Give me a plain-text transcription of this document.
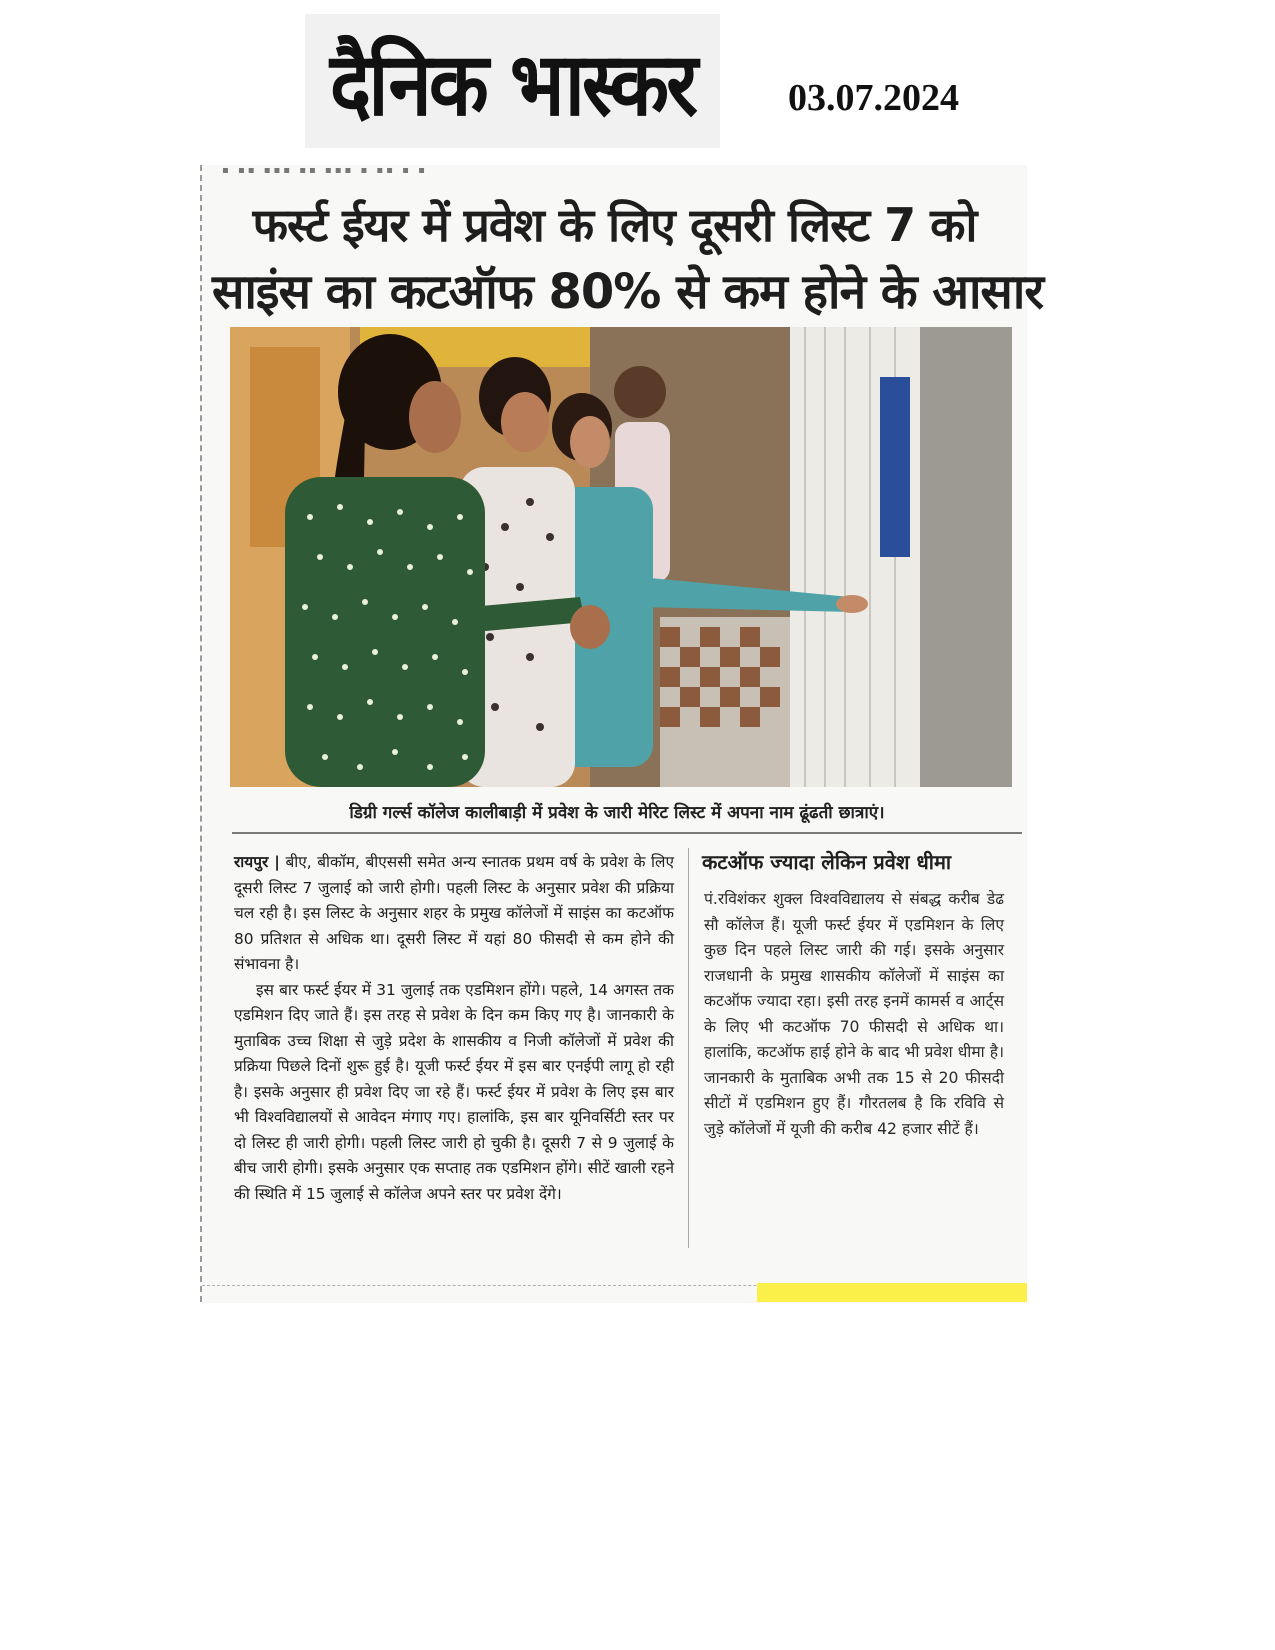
दैनिक भास्कर 03.07.2024
▪ ▪▪ ▪▪▪ ▪▪ ▪▪▪ ▪ ▪▪ ▪ ▪
फर्स्ट ईयर में प्रवेश के लिए दूसरी लिस्ट 7 को
साइंस का कटऑफ 80% से कम होने के आसार
डिग्री गर्ल्स कॉलेज कालीबाड़ी में प्रवेश के जारी मेरिट लिस्ट में अपना नाम ढूंढती छात्राएं।

रायपुर | बीए, बीकॉम, बीएससी समेत अन्य स्नातक प्रथम वर्ष के प्रवेश के लिए दूसरी लिस्ट 7 जुलाई को जारी होगी। पहली लिस्ट के अनुसार प्रवेश की प्रक्रिया चल रही है। इस लिस्ट के अनुसार शहर के प्रमुख कॉलेजों में साइंस का कटऑफ 80 प्रतिशत से अधिक था। दूसरी लिस्ट में यहां 80 फीसदी से कम होने की संभावना है।

इस बार फर्स्ट ईयर में 31 जुलाई तक एडमिशन होंगे। पहले, 14 अगस्त तक एडमिशन दिए जाते हैं। इस तरह से प्रवेश के दिन कम किए गए है। जानकारी के मुताबिक उच्च शिक्षा से जुड़े प्रदेश के शासकीय व निजी कॉलेजों में प्रवेश की प्रक्रिया पिछले दिनों शुरू हुई है। यूजी फर्स्ट ईयर में इस बार एनईपी लागू हो रही है। इसके अनुसार ही प्रवेश दिए जा रहे हैं। फर्स्ट ईयर में प्रवेश के लिए इस बार भी विश्वविद्यालयों से आवेदन मंगाए गए। हालांकि, इस बार यूनिवर्सिटी स्तर पर दो लिस्ट ही जारी होगी। पहली लिस्ट जारी हो चुकी है। दूसरी 7 से 9 जुलाई के बीच जारी होगी। इसके अनुसार एक सप्ताह तक एडमिशन होंगे। सीटें खाली रहने की स्थिति में 15 जुलाई से कॉलेज अपने स्तर पर प्रवेश देंगे।

कटऑफ ज्यादा लेकिन प्रवेश धीमा

पं.रविशंकर शुक्ल विश्वविद्यालय से संबद्ध करीब डेढ सौ कॉलेज हैं। यूजी फर्स्ट ईयर में एडमिशन के लिए कुछ दिन पहले लिस्ट जारी की गई। इसके अनुसार राजधानी के प्रमुख शासकीय कॉलेजों में साइंस का कटऑफ ज्यादा रहा। इसी तरह इनमें कामर्स व आर्ट्स के लिए भी कटऑफ 70 फीसदी से अधिक था। हालांकि, कटऑफ हाई होने के बाद भी प्रवेश धीमा है। जानकारी के मुताबिक अभी तक 15 से 20 फीसदी सीटों में एडमिशन हुए हैं। गौरतलब है कि रविवि से जुड़े कॉलेजों में यूजी की करीब 42 हजार सीटें हैं।
